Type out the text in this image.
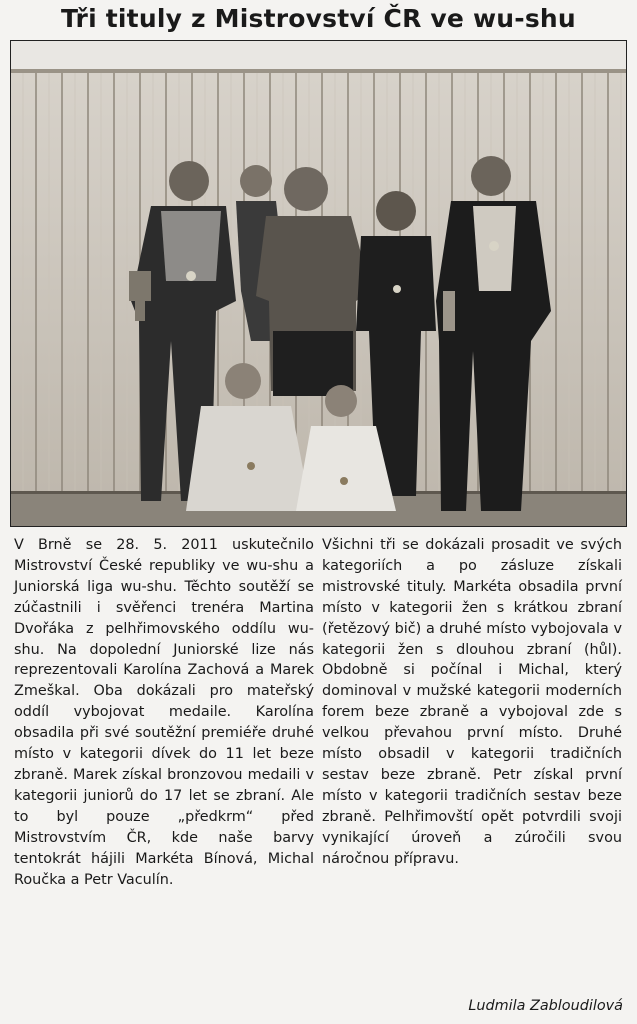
Tři tituly z Mistrovství ČR ve wu-shu

V Brně se 28. 5. 2011 uskutečnilo Mistrovství České republiky ve wu-shu a Juniorská liga wu-shu. Těchto soutěží se zúčastnili i svěřenci trenéra Martina Dvořáka z pelhřimovského oddílu wu-shu. Na dopolední Juniorské lize nás reprezentovali Karolína Zachová a Marek Zmeškal. Oba dokázali pro mateřský oddíl vybojovat medaile. Karolína obsadila při své soutěžní premiéře druhé místo v kategorii dívek do 11 let beze zbraně. Marek získal bronzovou medaili v kategorii juniorů do 17 let se zbraní. Ale to byl pouze „předkrm“ před Mistrovstvím ČR, kde naše barvy tentokrát hájili Markéta Bínová, Michal Roučka a Petr Vaculín.

Všichni tři se dokázali prosadit ve svých kategoriích a po zásluze získali mistrovské tituly. Markéta obsadila první místo v kategorii žen s krátkou zbraní (řetězový bič) a druhé místo vybojovala v kategorii žen s dlouhou zbraní (hůl). Obdobně si počínal i Michal, který dominoval v mužské kategorii moderních forem beze zbraně a vybojoval zde s velkou převahou první místo. Druhé místo obsadil v kategorii tradičních sestav beze zbraně. Petr získal první místo v kategorii tradičních sestav beze zbraně. Pelhřimovští opět potvrdili svoji vynikající úroveň a zúročili svou náročnou přípravu.

Ludmila Zabloudilová
